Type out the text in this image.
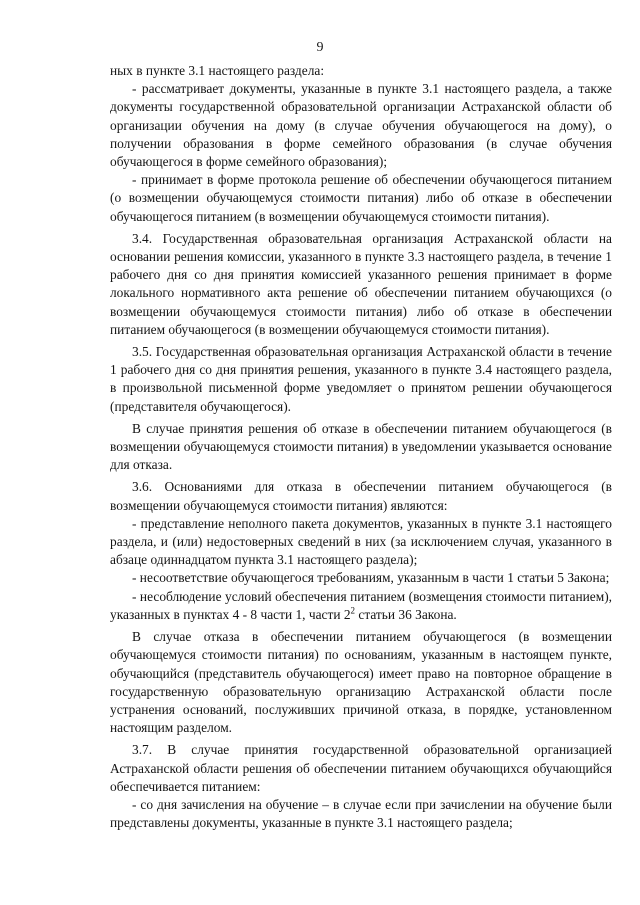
9

ных в пункте 3.1 настоящего раздела:

- рассматривает документы, указанные в пункте 3.1 настоящего раздела, а также документы государственной образовательной организации Астраханской области об организации обучения на дому (в случае обучения обучающегося на дому), о получении образования в форме семейного образования (в случае обучения обучающегося в форме семейного образования);

- принимает в форме протокола решение об обеспечении обучающегося питанием (о возмещении обучающемуся стоимости питания) либо об отказе в обеспечении обучающегося питанием (в возмещении обучающемуся стоимости питания).

3.4. Государственная образовательная организация Астраханской области на основании решения комиссии, указанного в пункте 3.3 настоящего раздела, в течение 1 рабочего дня со дня принятия комиссией указанного решения принимает в форме локального нормативного акта решение об обеспечении питанием обучающихся (о возмещении обучающемуся стоимости питания) либо об отказе в обеспечении питанием обучающегося (в возмещении обучающемуся стоимости питания).

3.5. Государственная образовательная организация Астраханской области в течение 1 рабочего дня со дня принятия решения, указанного в пункте 3.4 настоящего раздела, в произвольной письменной форме уведомляет о принятом решении обучающегося (представителя обучающегося).

В случае принятия решения об отказе в обеспечении питанием обучающегося (в возмещении обучающемуся стоимости питания) в уведомлении указывается основание для отказа.

3.6. Основаниями для отказа в обеспечении питанием обучающегося (в возмещении обучающемуся стоимости питания) являются:

- представление неполного пакета документов, указанных в пункте 3.1 настоящего раздела, и (или) недостоверных сведений в них (за исключением случая, указанного в абзаце одиннадцатом пункта 3.1 настоящего раздела);

- несоответствие обучающегося требованиям, указанным в части 1 статьи 5 Закона;

- несоблюдение условий обеспечения питанием (возмещения стоимости питанием), указанных в пунктах 4 - 8 части 1, части $2^2$ статьи 36 Закона.

В случае отказа в обеспечении питанием обучающегося (в возмещении обучающемуся стоимости питания) по основаниям, указанным в настоящем пункте, обучающийся (представитель обучающегося) имеет право на повторное обращение в государственную образовательную организацию Астраханской области после устранения оснований, послуживших причиной отказа, в порядке, установленном настоящим разделом.

3.7. В случае принятия государственной образовательной организацией Астраханской области решения об обеспечении питанием обучающихся обучающийся обеспечивается питанием:

- со дня зачисления на обучение – в случае если при зачислении на обучение были представлены документы, указанные в пункте 3.1 настоящего раздела;
